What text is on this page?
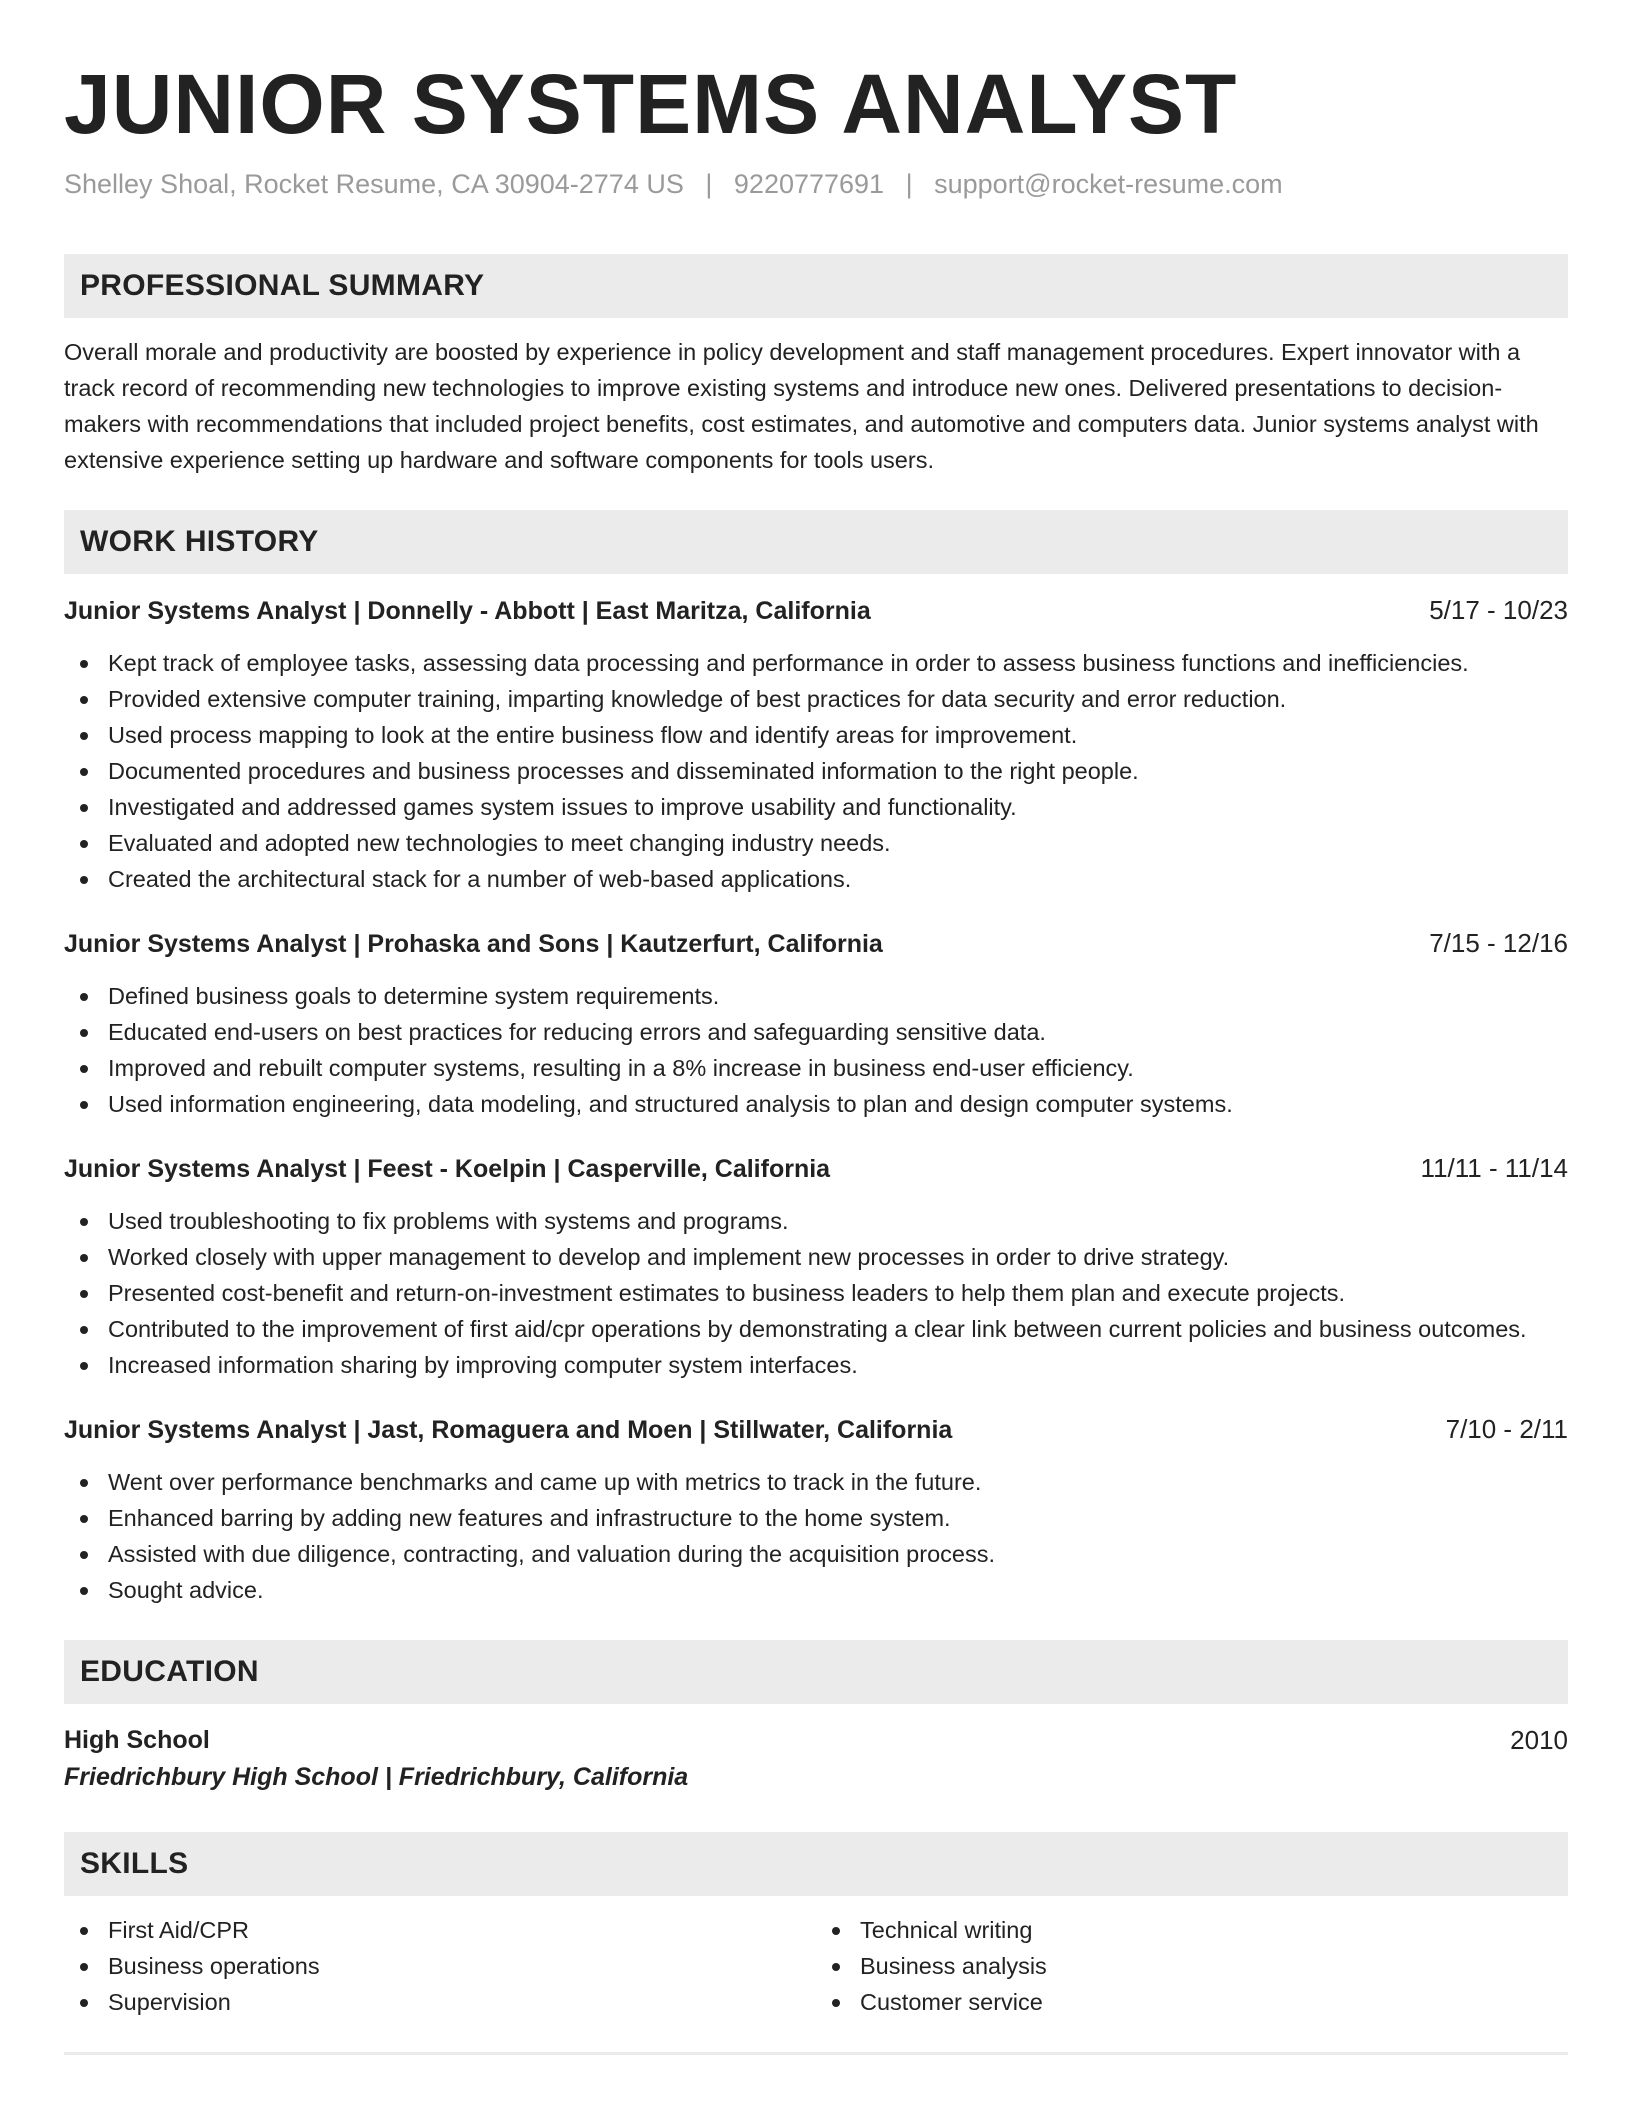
JUNIOR SYSTEMS ANALYST
Shelley Shoal, Rocket Resume, CA 30904-2774 US | 9220777691 | support@rocket-resume.com
PROFESSIONAL SUMMARY
Overall morale and productivity are boosted by experience in policy development and staff management procedures. Expert innovator with a track record of recommending new technologies to improve existing systems and introduce new ones. Delivered presentations to decision-makers with recommendations that included project benefits, cost estimates, and automotive and computers data. Junior systems analyst with extensive experience setting up hardware and software components for tools users.
WORK HISTORY
Junior Systems Analyst | Donnelly - Abbott | East Maritza, California	5/17 - 10/23
Kept track of employee tasks, assessing data processing and performance in order to assess business functions and inefficiencies.
Provided extensive computer training, imparting knowledge of best practices for data security and error reduction.
Used process mapping to look at the entire business flow and identify areas for improvement.
Documented procedures and business processes and disseminated information to the right people.
Investigated and addressed games system issues to improve usability and functionality.
Evaluated and adopted new technologies to meet changing industry needs.
Created the architectural stack for a number of web-based applications.
Junior Systems Analyst | Prohaska and Sons | Kautzerfurt, California	7/15 - 12/16
Defined business goals to determine system requirements.
Educated end-users on best practices for reducing errors and safeguarding sensitive data.
Improved and rebuilt computer systems, resulting in a 8% increase in business end-user efficiency.
Used information engineering, data modeling, and structured analysis to plan and design computer systems.
Junior Systems Analyst | Feest - Koelpin | Casperville, California	11/11 - 11/14
Used troubleshooting to fix problems with systems and programs.
Worked closely with upper management to develop and implement new processes in order to drive strategy.
Presented cost-benefit and return-on-investment estimates to business leaders to help them plan and execute projects.
Contributed to the improvement of first aid/cpr operations by demonstrating a clear link between current policies and business outcomes.
Increased information sharing by improving computer system interfaces.
Junior Systems Analyst | Jast, Romaguera and Moen | Stillwater, California	7/10 - 2/11
Went over performance benchmarks and came up with metrics to track in the future.
Enhanced barring by adding new features and infrastructure to the home system.
Assisted with due diligence, contracting, and valuation during the acquisition process.
Sought advice.
EDUCATION
High School	2010
Friedrichbury High School | Friedrichbury, California
SKILLS
First Aid/CPR
Business operations
Supervision
Technical writing
Business analysis
Customer service
